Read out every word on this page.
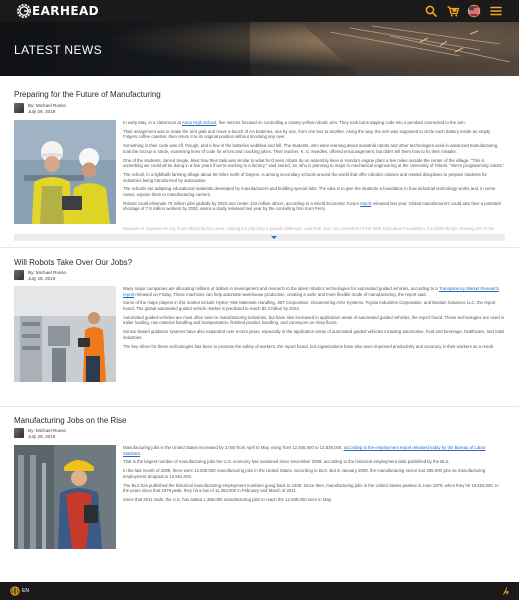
EARHEAD
LATEST NEWS
Preparing for the Future of Manufacturing
By: Michael Russo
July 29, 2019

In early May, in a classroom at Anna High School, five seniors focused on controlling a canary yellow robotic arm. They took turns tapping code into a pendant connected to the arm.

Their assignment was to make the arm grab and move a bunch of AA batteries, one by one, from one box to another. Along the way, the arm was supposed to circle each battery inside an empty Folgers coffee canister, then return it to its original position without knocking any over.

Something in their code was off, though, and a few of the batteries wobbled and fell. The students, who were learning about industrial robots and other technologies used in advanced manufacturing, took the hiccup in stride, examining lines of code for errors and cracking jokes. Their teacher, K. C. Needles, offered encouragement, but didn't tell them how to fix their mistake.

One of the students, Jarred Seigle, liked how their task was similar to what he'd seen robots do on assembly lines in Honda's engine plant a few miles outside the center of the village. "This is something we could all be doing in a few years if we're working in a factory," said Jarred, 18, who is planning to major in mechanical engineering at the University of Toledo. "We're programming robots."

The school, in a lightbulb farming village about 50 miles north of Dayton, is among secondary schools around the world that offer robotics classes and related disciplines to prepare students for industries being transformed by automation.

The schools are adapting educational materials developed by manufacturers and building special labs. The idea is to give the students a foundation in how industrial technology works and, in some cases, expose them to manufacturing careers.

Robots could eliminate 75 million jobs globally by 2022 and create 133 million others, according to a World Economic Forum report released last year. Global manufacturers could also face a potential shortage of 7.9 million workers by 2030, warns a study released last year by the consulting firm Korn Ferry.

Because of regulars we say hours about factory work, making it a planning a guided challenge, said Rob Juxr, vice president of the SME Education Foundation, the philanthropic training arm of the

Will Robots Take Over Our Jobs?
By: Michael Russo
July 29, 2019

Many major companies are allocating millions of dollars in development and research to the latest robotics technologies for automated guided vehicles, according to a Transparency Market Research report released on Friday. These machines can help automate warehouse production, creating a safer and more flexible mode of manufacturing, the report said.

Some of the major players in this market include Hyster-Yale Materials Handling, JBT Corporation, Oceaneering AGV Systems, Toyota Industries Corporation, and Bastian Solutions LLC, the report found. The global automated guided vehicle market is predicted to reach $2.3 billion by 2024.

Automated guided vehicles are most often seen in manufacturing industries, but have also increased in application areas of automated guided vehicles, the report found. These technologies are used in trailer loading, raw material handling and transportation, finished product handling, and conveyors on shop floors.

Sensor-based guidance systems have also expanded over recent years, especially in the application areas of automated guided vehicles including automotive, food and beverage, healthcare, and retail industries.

The key driver for these technologies has been to promote the safety of workers, the report found, but organizations have also seen improved productivity and accuracy in their workers as a result.

Manufacturing Jobs on the Rise
By: Michael Russo
July 29, 2019

Manufacturing jobs in the United States increased by 3,000 from April to May, rising from 12,836,000 to 12,839,000, according to the employment report released today by the Bureau of Labor Statistics.

That is the largest number of manufacturing jobs the U.S. economy has sustained since December 2008, according to the historical employment data published by the BLS.

In the last month of 2008, there were 12,830,000 manufacturing jobs in the United States, according to BLS. But in January 2009, the manufacturing sector lost 299,000 jobs as manufacturing employment dropped to 12,561,000.

The BLS has published the historical manufacturing employment numbers going back to 1939. Since then, manufacturing jobs in the United States peaked in June 1979, when they hit 19,553,000. In the years since that 1979 peak, they hit a low of 11,453,000 in February and March of 2011.

Since that 2011 nadir, the U.S. has added 1,386,000 manufacturing jobs to reach the 12,839,000 seen in May.

EN
